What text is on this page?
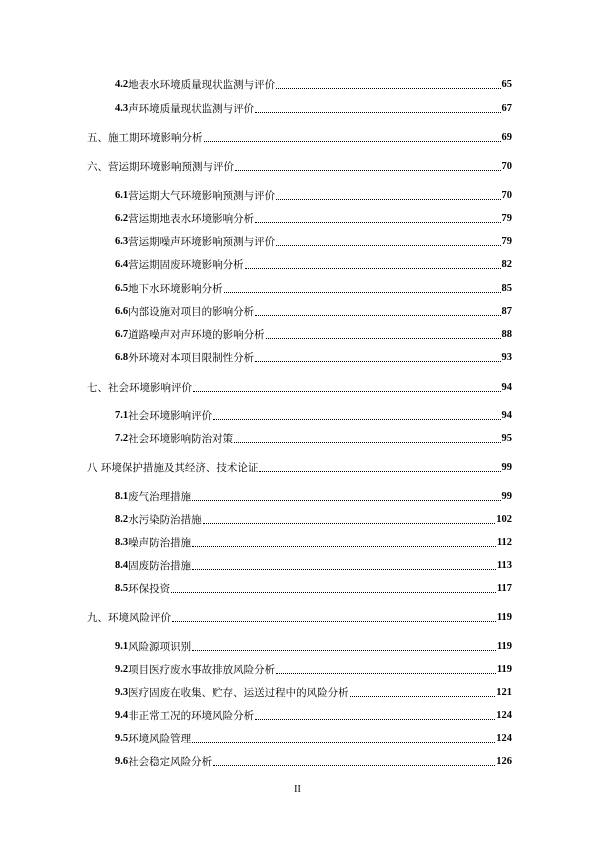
4.2 地表水环境质量现状监测与评价	65
4.3 声环境质量现状监测与评价	67
五、施工期环境影响分析	69
六、营运期环境影响预测与评价	70
6.1 营运期大气环境影响预测与评价	70
6.2 营运期地表水环境影响分析	79
6.3 营运期噪声环境影响预测与评价	79
6.4 营运期固废环境影响分析	82
6.5 地下水环境影响分析	85
6.6 内部设施对项目的影响分析	87
6.7 道路噪声对声环境的影响分析	88
6.8 外环境对本项目限制性分析	93
七、社会环境影响评价	94
7.1 社会环境影响评价	94
7.2 社会环境影响防治对策	95
八 环境保护措施及其经济、技术论证	99
8.1 废气治理措施	99
8.2 水污染防治措施	102
8.3 噪声防治措施	112
8.4 固废防治措施	113
8.5 环保投资	117
九、环境风险评价	119
9.1 风险源项识别	119
9.2 项目医疗废水事故排放风险分析	119
9.3 医疗固废在收集、贮存、运送过程中的风险分析	121
9.4 非正常工况的环境风险分析	124
9.5 环境风险管理	124
9.6 社会稳定风险分析	126
II
